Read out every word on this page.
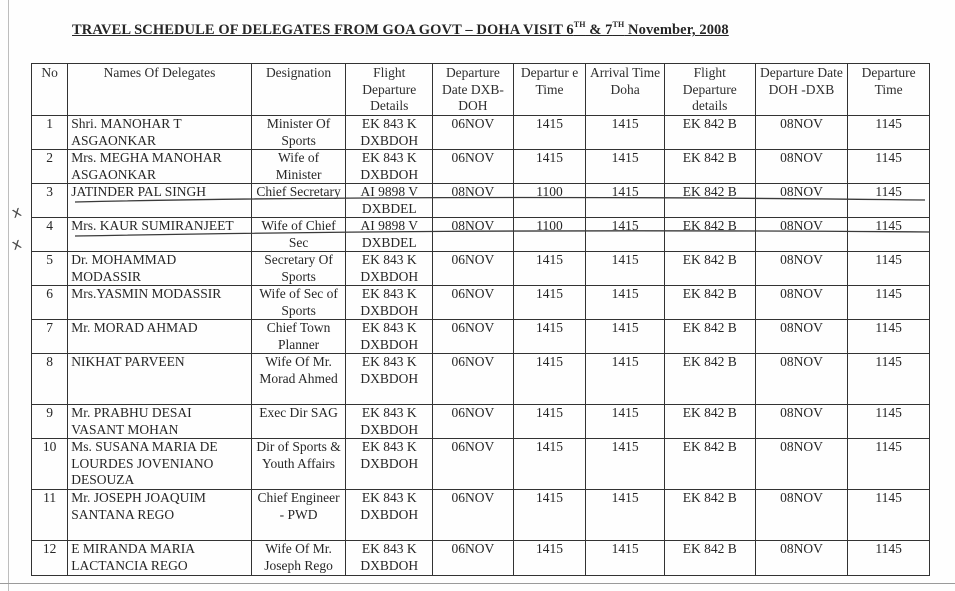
TRAVEL SCHEDULE OF DELEGATES FROM GOA GOVT – DOHA VISIT 6TH & 7TH November, 2008
No	Names Of Delegates	Designation	Flight Departure Details	Departure Date DXB-DOH	Departur e Time	Arrival Time Doha	Flight Departure details	Departure Date DOH -DXB	Departure Time
1	Shri. MANOHAR T ASGAONKAR	Minister Of Sports	EK 843 K DXBDOH	06NOV	1415	1415	EK 842 B	08NOV	1145
2	Mrs. MEGHA MANOHAR ASGAONKAR	Wife of Minister	EK 843 K DXBDOH	06NOV	1415	1415	EK 842 B	08NOV	1145
3	JATINDER PAL SINGH	Chief Secretary	AI 9898 V DXBDEL	08NOV	1100	1415	EK 842 B	08NOV	1145
4	Mrs. KAUR SUMIRANJEET	Wife of Chief Sec	AI 9898 V DXBDEL	08NOV	1100	1415	EK 842 B	08NOV	1145
5	Dr. MOHAMMAD MODASSIR	Secretary Of Sports	EK 843 K DXBDOH	06NOV	1415	1415	EK 842 B	08NOV	1145
6	Mrs.YASMIN MODASSIR	Wife of Sec of Sports	EK 843 K DXBDOH	06NOV	1415	1415	EK 842 B	08NOV	1145
7	Mr. MORAD AHMAD	Chief Town Planner	EK 843 K DXBDOH	06NOV	1415	1415	EK 842 B	08NOV	1145
8	NIKHAT PARVEEN	Wife Of Mr. Morad Ahmed	EK 843 K DXBDOH	06NOV	1415	1415	EK 842 B	08NOV	1145
9	Mr. PRABHU DESAI VASANT MOHAN	Exec Dir SAG	EK 843 K DXBDOH	06NOV	1415	1415	EK 842 B	08NOV	1145
10	Ms. SUSANA MARIA DE LOURDES JOVENIANO DESOUZA	Dir of Sports & Youth Affairs	EK 843 K DXBDOH	06NOV	1415	1415	EK 842 B	08NOV	1145
11	Mr. JOSEPH JOAQUIM SANTANA REGO	Chief Engineer - PWD	EK 843 K DXBDOH	06NOV	1415	1415	EK 842 B	08NOV	1145
12	E MIRANDA MARIA LACTANCIA REGO	Wife Of Mr. Joseph Rego	EK 843 K DXBDOH	06NOV	1415	1415	EK 842 B	08NOV	1145
x
x
